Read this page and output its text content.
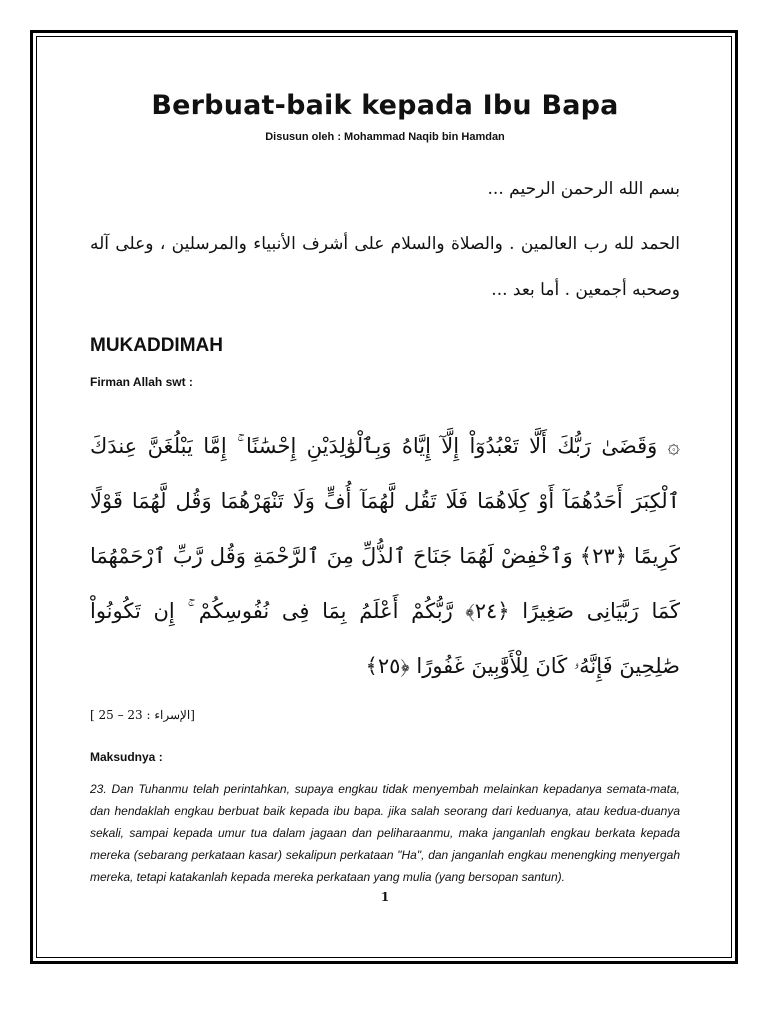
Berbuat-baik kepada Ibu Bapa
Disusun oleh : Mohammad Naqib bin Hamdan
بسم الله الرحمن الرحيم ...
الحمد لله رب العالمين . والصلاة والسلام على أشرف الأنبياء والمرسلين ، وعلى آله وصحبه أجمعين . أما بعد ...
MUKADDIMAH
Firman Allah swt :
۞ وَقَضَىٰ رَبُّكَ أَلَّا تَعْبُدُوٓاْ إِلَّآ إِيَّاهُ وَبِٱلْوَٰلِدَيْنِ إِحْسَٰنًا ۚ إِمَّا يَبْلُغَنَّ عِندَكَ ٱلْكِبَرَ أَحَدُهُمَآ أَوْ كِلَاهُمَا فَلَا تَقُل لَّهُمَآ أُفٍّ وَلَا تَنْهَرْهُمَا وَقُل لَّهُمَا قَوْلًا كَرِيمًا ﴿٢٣﴾ وَٱخْفِضْ لَهُمَا جَنَاحَ ٱلذُّلِّ مِنَ ٱلرَّحْمَةِ وَقُل رَّبِّ ٱرْحَمْهُمَا كَمَا رَبَّيَانِى صَغِيرًا ﴿٢٤﴾ رَّبُّكُمْ أَعْلَمُ بِمَا فِى نُفُوسِكُمْ ۚ إِن تَكُونُواْ صَٰلِحِينَ فَإِنَّهُۥ كَانَ لِلْأَوَّٰبِينَ غَفُورًا ﴿٢٥﴾
[الإسراء : 23 – 25 ]
Maksudnya :
23. Dan Tuhanmu telah perintahkan, supaya engkau tidak menyembah melainkan kepadanya semata-mata, dan hendaklah engkau berbuat baik kepada ibu bapa. jika salah seorang dari keduanya, atau kedua-duanya sekali, sampai kepada umur tua dalam jagaan dan peliharaanmu, maka janganlah engkau berkata kepada mereka (sebarang perkataan kasar) sekalipun perkataan "Ha", dan janganlah engkau menengking menyergah mereka, tetapi katakanlah kepada mereka perkataan yang mulia (yang bersopan santun).
1
